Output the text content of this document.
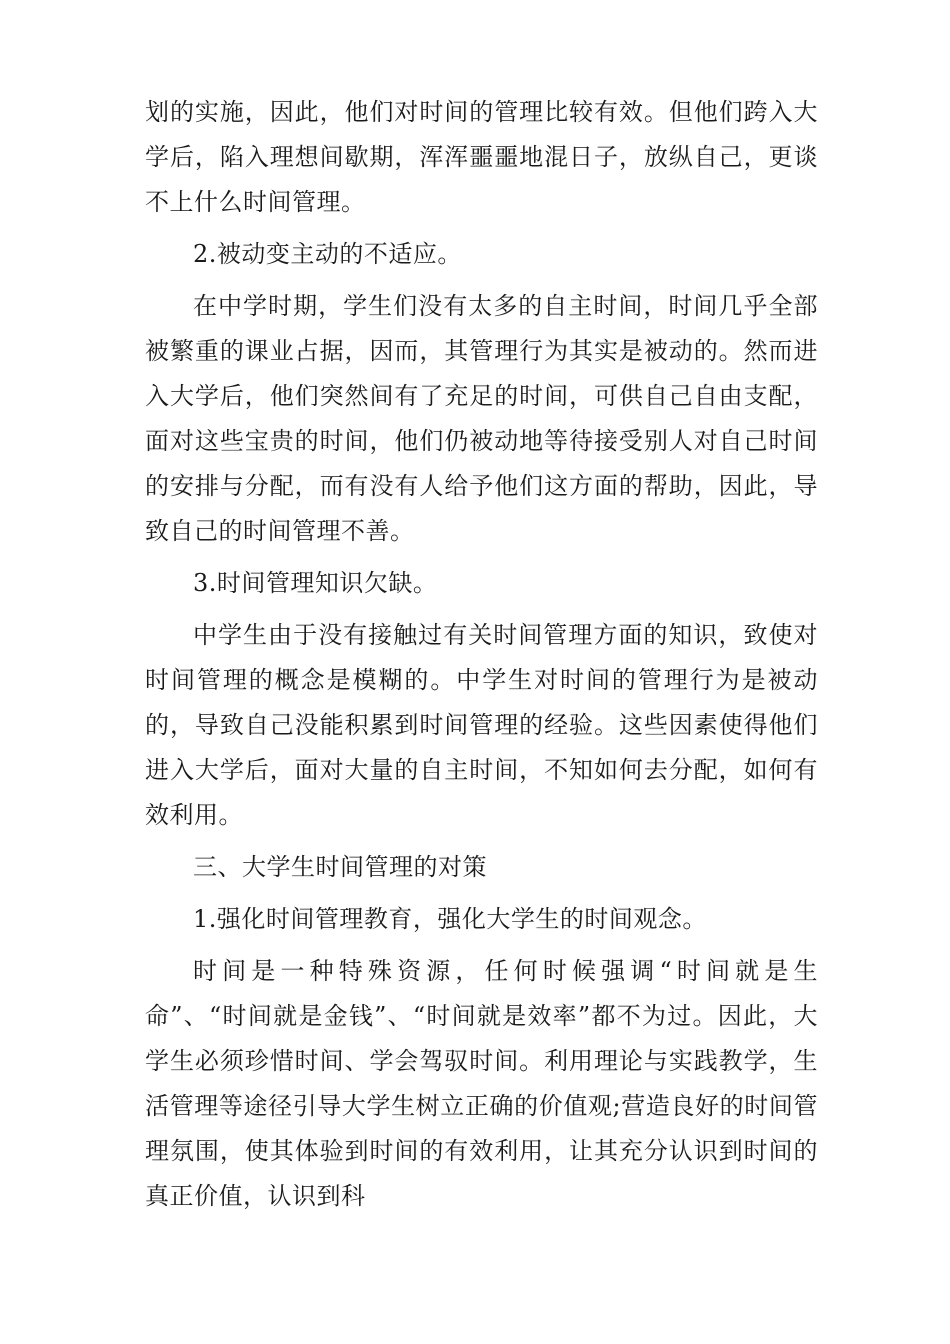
划的实施，因此，他们对时间的管理比较有效。但他们跨入大学后，陷入理想间歇期，浑浑噩噩地混日子，放纵自己，更谈不上什么时间管理。

2.被动变主动的不适应。

在中学时期，学生们没有太多的自主时间，时间几乎全部被繁重的课业占据，因而，其管理行为其实是被动的。然而进入大学后，他们突然间有了充足的时间，可供自己自由支配，面对这些宝贵的时间，他们仍被动地等待接受别人对自己时间的安排与分配，而有没有人给予他们这方面的帮助，因此，导致自己的时间管理不善。

3.时间管理知识欠缺。

中学生由于没有接触过有关时间管理方面的知识，致使对时间管理的概念是模糊的。中学生对时间的管理行为是被动的，导致自己没能积累到时间管理的经验。这些因素使得他们进入大学后，面对大量的自主时间，不知如何去分配，如何有效利用。

三、大学生时间管理的对策

1.强化时间管理教育，强化大学生的时间观念。

时间是一种特殊资源，任何时候强调“时间就是生命”、“时间就是金钱”、“时间就是效率”都不为过。因此，大学生必须珍惜时间、学会驾驭时间。利用理论与实践教学，生活管理等途径引导大学生树立正确的价值观;营造良好的时间管理氛围，使其体验到时间的有效利用，让其充分认识到时间的真正价值，认识到科
